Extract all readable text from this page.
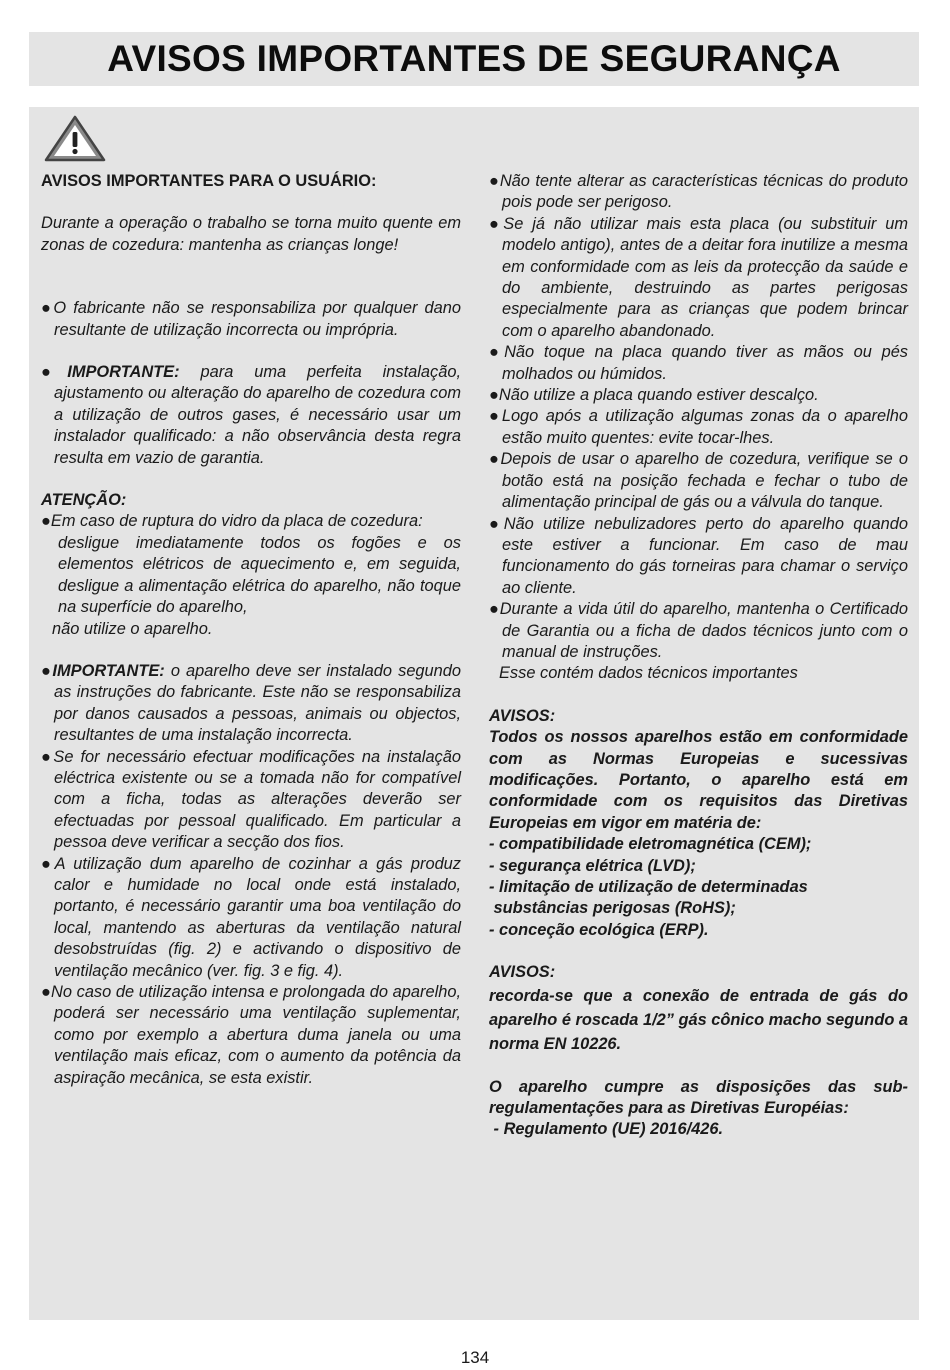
AVISOS IMPORTANTES DE SEGURANÇA

AVISOS IMPORTANTES PARA O USUÁRIO:

Durante a operação o trabalho se torna muito quente em zonas de cozedura: mantenha as crianças longe!

●O fabricante não se responsabiliza por qualquer dano resultante de utilização incorrecta ou imprópria.

●IMPORTANTE: para uma perfeita instalação, ajustamento ou alteração do aparelho de cozedura com a utilização de outros gases, é necessário usar um instalador qualificado: a não observância desta regra resulta em vazio de garantia.

ATENÇÃO:

●Em caso de ruptura do vidro da placa de cozedura:

desligue imediatamente todos os fogões e os elementos elétricos de aquecimento e, em seguida, desligue a alimentação elétrica do aparelho, não toque na superfície do aparelho,

não utilize o aparelho.

●IMPORTANTE: o aparelho deve ser instalado segundo as instruções do fabricante. Este não se responsabiliza por danos causados a pessoas, animais ou objectos, resultantes de uma instalação incorrecta.

●Se for necessário efectuar modificações na instalação eléctrica existente ou se a tomada não for compatível com a ficha, todas as alterações deverão ser efectuadas por pessoal qualificado. Em particular a pessoa deve verificar a secção dos fios.

●A utilização dum aparelho de cozinhar a gás produz calor e humidade no local onde está instalado, portanto, é necessário garantir uma boa ventilação do local, mantendo as aberturas da ventilação natural desobstruídas (fig. 2) e activando o dispositivo de ventilação mecânico (ver. fig. 3 e fig. 4).

●No caso de utilização intensa e prolongada do aparelho, poderá ser necessário uma ventilação suplementar, como por exemplo a abertura duma janela ou uma ventilação mais eficaz, com o aumento da potência da aspiração mecânica, se esta existir.

●Não tente alterar as características técnicas do produto pois pode ser perigoso.

●Se já não utilizar mais esta placa (ou substituir um modelo antigo), antes de a deitar fora inutilize a mesma em conformidade com as leis da protecção da saúde e do ambiente, destruindo as partes perigosas especialmente para as crianças que podem brincar com o aparelho abandonado.

●Não toque na placa quando tiver as mãos ou pés molhados ou húmidos.

●Não utilize a placa quando estiver descalço.

●Logo após a utilização algumas zonas da o aparelho estão muito quentes: evite tocar-lhes.

●Depois de usar o aparelho de cozedura, verifique se o botão está na posição fechada e fechar o tubo de alimentação principal de gás ou a válvula do tanque.

●Não utilize nebulizadores perto do aparelho quando este estiver a funcionar. Em caso de mau funcionamento do gás torneiras para chamar o serviço ao cliente.

●Durante a vida útil do aparelho, mantenha o Certificado de Garantia ou a ficha de dados técnicos junto com o manual de instruções.

Esse contém dados técnicos importantes

AVISOS:

Todos os nossos aparelhos estão em conformidade com as Normas Europeias e sucessivas modificações. Portanto, o aparelho está em conformidade com os requisitos das Diretivas Europeias em vigor em matéria de:

- compatibilidade eletromagnética (CEM);

- segurança elétrica (LVD);

- limitação de utilização de determinadas

substâncias perigosas (RoHS);

- conceção ecológica (ERP).

AVISOS:

recorda-se que a conexão de entrada de gás do aparelho é roscada 1/2” gás cônico macho segundo a norma EN 10226.

O aparelho cumpre as disposições das sub-regulamentações para as Diretivas Européias:

- Regulamento (UE) 2016/426.

134
